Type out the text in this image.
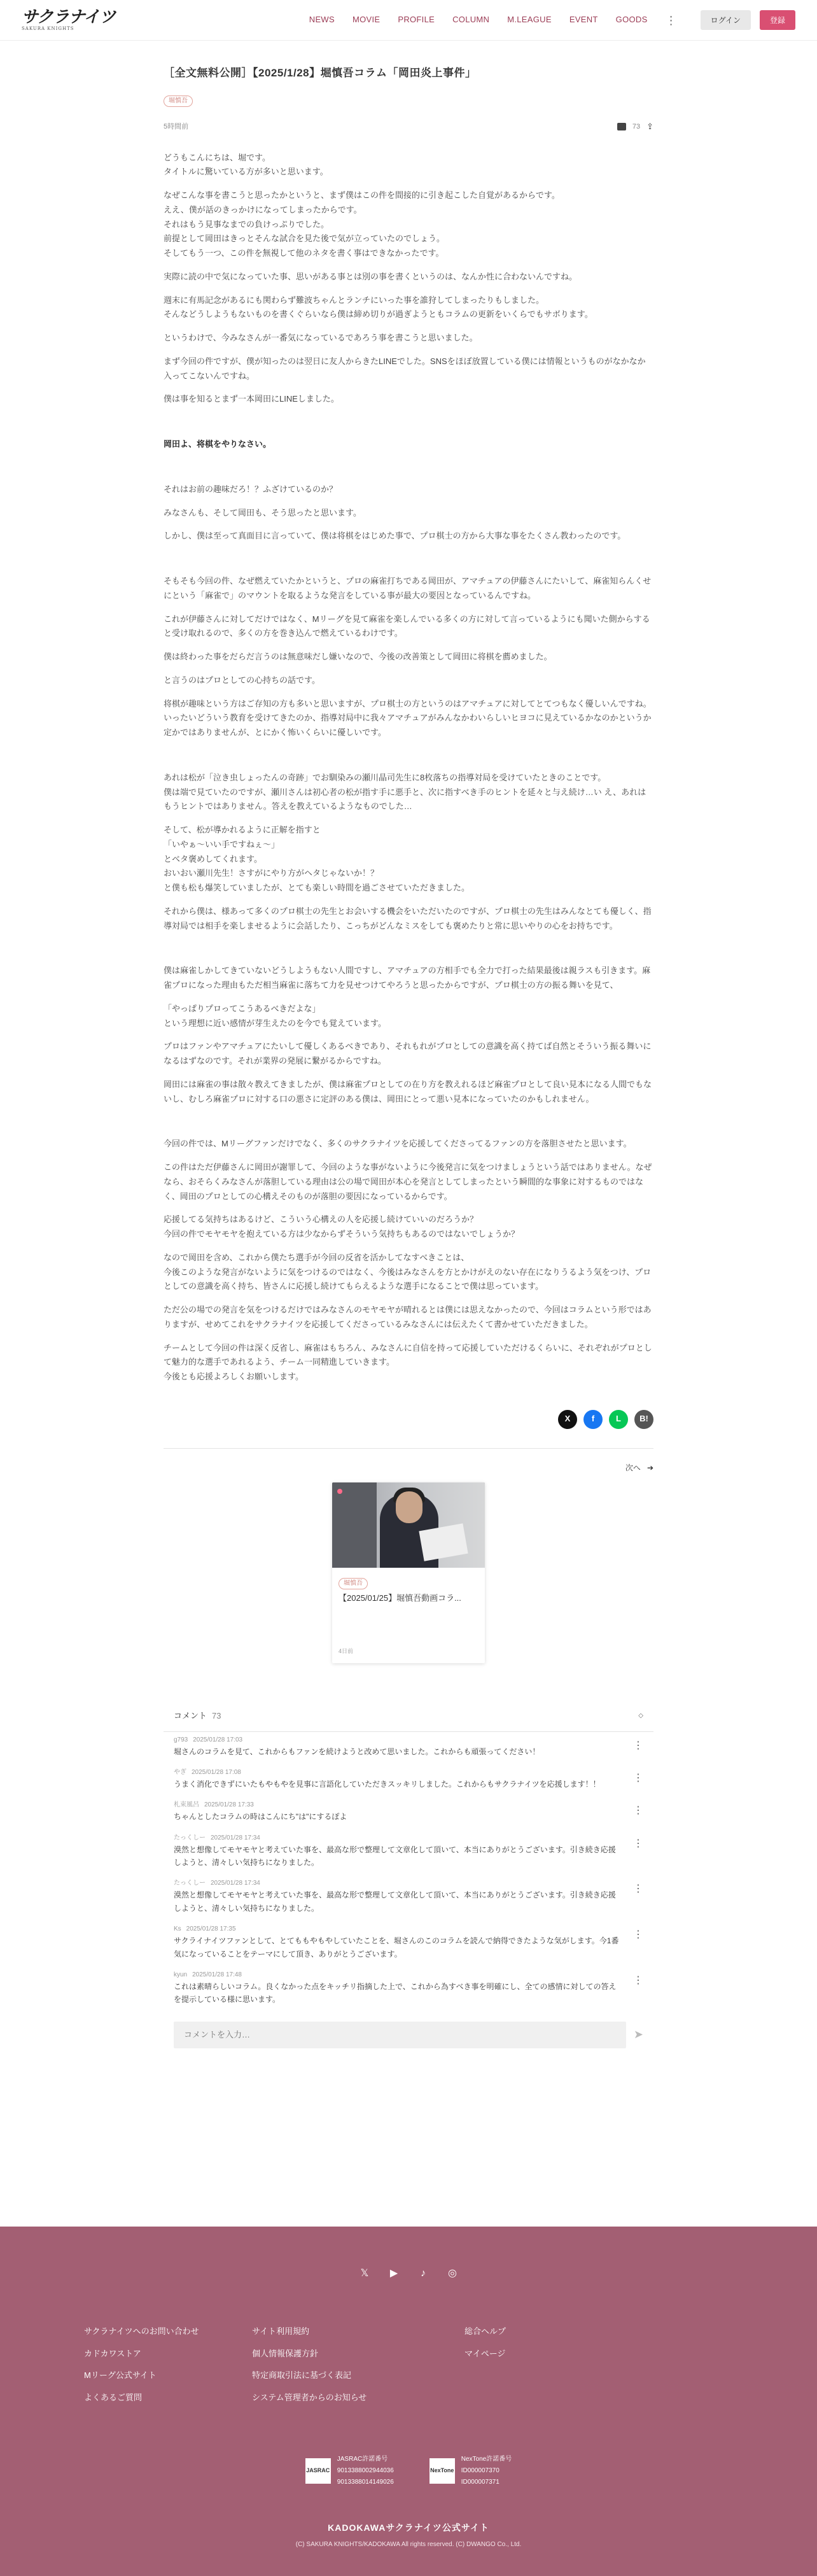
サクラナイツ
SAKURA KNIGHTS
NEWS MOVIE PROFILE COLUMN M.LEAGUE EVENT GOODS ⋮	ログイン	登録
［全文無料公開］【2025/1/28】堀慎吾コラム「岡田炎上事件」
堀慎吾
5時間前	73 ⇪

どうもこんにちは、堀です。

タイトルに驚いている方が多いと思います。

なぜこんな事を書こうと思ったかというと、まず僕はこの件を間接的に引き起こした自覚があるからです。

ええ、僕が話のきっかけになってしまったからです。

それはもう見事なまでの負けっぷりでした。

前提として岡田はきっとそんな試合を見た後で気が立っていたのでしょう。

そしてもう一つ、この件を無視して他のネタを書く事はできなかったです。

実際に読の中で気になっていた事、思いがある事とは別の事を書くというのは、なんか性に合わないんですね。

週末に有馬記念があるにも関わらず難波ちゃんとランチにいった事を誰狩してしまったりもしました。

そんなどうしようもないものを書くぐらいなら僕は締め切りが過ぎようともコラムの更新をいくらでもサボります。

というわけで、今みなさんが一番気になっているであろう事を書こうと思いました。

まず今回の件ですが、僕が知ったのは翌日に友人からきたLINEでした。SNSをほぼ放置している僕には情報というものがなかなか入ってこないんですね。

僕は事を知るとまず一本岡田にLINEしました。

岡田よ、将棋をやりなさい。

それはお前の趣味だろ！？ふざけているのか？

みなさんも、そして岡田も、そう思ったと思います。

しかし、僕は至って真面目に言っていて、僕は将棋をはじめた事で、プロ棋士の方から大事な事をたくさん教わったのです。

そもそも今回の件、なぜ燃えていたかというと、プロの麻雀打ちである岡田が、アマチュアの伊藤さんにたいして、麻雀知らんくせにという「麻雀で」のマウントを取るような発言をしている事が最大の要因となっているんですね。

これが伊藤さんに対してだけではなく、Mリーグを見て麻雀を楽しんでいる多くの方に対して言っているようにも聞いた側からすると受け取れるので、多くの方を巻き込んで燃えているわけです。

僕は終わった事をだらだ言うのは無意味だし嫌いなので、今後の改善策として岡田に将棋を薦めました。

と言うのはプロとしての心持ちの話です。

将棋が趣味という方はご存知の方も多いと思いますが、プロ棋士の方というのはアマチュアに対してとてつもなく優しいんですね。いったいどういう教育を受けてきたのか、指導対局中に我々アマチュアがみんなかわいらしいヒヨコに見えているかなのかというか定かではありませんが、とにかく怖いくらいに優しいです。

あれは松が「泣き虫しょったんの奇跡」でお馴染みの瀬川晶司先生に8枚落ちの指導対局を受けていたときのことです。

僕は端で見ていたのですが、瀬川さんは初心者の松が指す手に悪手と、次に指すべき手のヒントを延々と与え続け…い え、あれはもうヒントではありません。答えを教えているようなものでした…

そして、松が導かれるように正解を指すと

「いやぁ〜いい手ですねぇ〜」

とベタ褒めしてくれます。

おいおい瀬川先生！さすがにやり方がヘタじゃないか！？

と僕も松も爆笑していましたが、とても楽しい時間を過ごさせていただきました。

それから僕は、様あって多くのプロ棋士の先生とお会いする機会をいただいたのですが、プロ棋士の先生はみんなとても優しく、指導対局では相手を楽しませるように会話したり、こっちがどんなミスをしても褒めたりと常に思いやりの心をお持ちです。

僕は麻雀しかしてきていないどうしようもない人間ですし、アマチュアの方相手でも全力で打った結果最後は親ラスも引きます。麻雀プロになった理由もただ相当麻雀に落ちて力を見せつけてやろうと思ったからですが、プロ棋士の方の振る舞いを見て、

「やっぱりプロってこうあるべきだよな」

という理想に近い感情が芽生えたのを今でも覚えています。

プロはファンやアマチュアにたいして優しくあるべきであり、それもれがプロとしての意識を高く持てば自然とそういう振る舞いになるはずなのです。それが業界の発展に繋がるからですね。

岡田には麻雀の事は散々教えてきましたが、僕は麻雀プロとしての在り方を教えれるほど麻雀プロとして良い見本になる人間でもないし、むしろ麻雀プロに対する口の悪さに定評のある僕は、岡田にとって悪い見本になっていたのかもしれません。

今回の件では、Mリーグファンだけでなく、多くのサクラナイツを応援してくださってるファンの方を落胆させたと思います。

この件はただ伊藤さんに岡田が謝罪して、今回のような事がないように今後発言に気をつけましょうという話ではありません。なぜなら、おそらくみなさんが落胆している理由は公の場で岡田が本心を発言としてしまったという瞬間的な事象に対するものではなく、岡田のプロとしての心構えそのものが落胆の要因になっているからです。

応援してる気持ちはあるけど、こういう心構えの人を応援し続けていいのだろうか？

今回の件でモヤモヤを抱えている方は少なからずそういう気持ちもあるのではないでしょうか？

なので岡田を含め、これから僕たち選手が今回の反省を活かしてなすべきことは、

今後このような発言がないように気をつけるのではなく、今後はみなさんを方とかけがえのない存在になりうるよう気をつけ、プロとしての意識を高く持ち、皆さんに応援し続けてもらえるような選手になることで僕は思っています。

ただ公の場での発言を気をつけるだけではみなさんのモヤモヤが晴れるとは僕には思えなかったので、今回はコラムという形ではありますが、せめてこれをサクラナイツを応援してくださっているみなさんには伝えたくて書かせていただきました。

チームとして今回の件は深く反省し、麻雀はもちろん、みなさんに自信を持って応援していただけるくらいに、それぞれがプロとして魅力的な選手であれるよう、チーム一同精進していきます。

今後とも応援よろしくお願いします。

X	f	L	B!
次へ ➔
堀慎吾
【2025/01/25】堀慎吾動画コラ...
4日前
コメント 73	◇
g793 2025/01/28 17:03
堀さんのコラムを見て、これからもファンを続けようと改めて思いました。これからも頑張ってください！
⋮
やぎ 2025/01/28 17:08
うまく消化できずにいたもやもやを見事に言語化していただきスッキリしました。これからもサクラナイツを応援します！！
⋮
札束風呂 2025/01/28 17:33
ちゃんとしたコラムの時はこんにち"は"にするぽよ
⋮
たっくしー 2025/01/28 17:34
漠然と想像してモヤモヤと考えていた事を、最高な形で整理して文章化して頂いて、本当にありがとうございます。引き続き応援しようと、清々しい気持ちになりました。
⋮
たっくしー 2025/01/28 17:34
漠然と想像してモヤモヤと考えていた事を、最高な形で整理して文章化して頂いて、本当にありがとうございます。引き続き応援しようと、清々しい気持ちになりました。
⋮
Ks 2025/01/28 17:35
サクライナイツファンとして、とてももやもやしていたことを、堀さんのこのコラムを読んで納得できたような気がします。今1番気になっていることをテーマにして頂き、ありがとうございます。
⋮
kyun 2025/01/28 17:48
これは素晴らしいコラム。良くなかった点をキッチリ指摘した上で、これから為すべき事を明確にし、全ての感情に対しての答えを提示している様に思います。
⋮
コメントを入力…
➤
𝕏 ▶	♪	◎
サクラナイツへのお問い合わせ	サイト利用規約	総合ヘルプ
カドカワストア	個人情報保護方針	マイページ
Mリーグ公式サイト	特定商取引法に基づく表記
よくあるご質問	システム管理者からのお知らせ
JASRAC
JASRAC許諾番号
9013388002944036
9013388014149026
NexTone
NexTone許諾番号
ID000007370
ID000007371
KADOKAWAサクラナイツ公式サイト
(C) SAKURA KNIGHTS/KADOKAWA All rights reserved. (C) DWANGO Co., Ltd.
